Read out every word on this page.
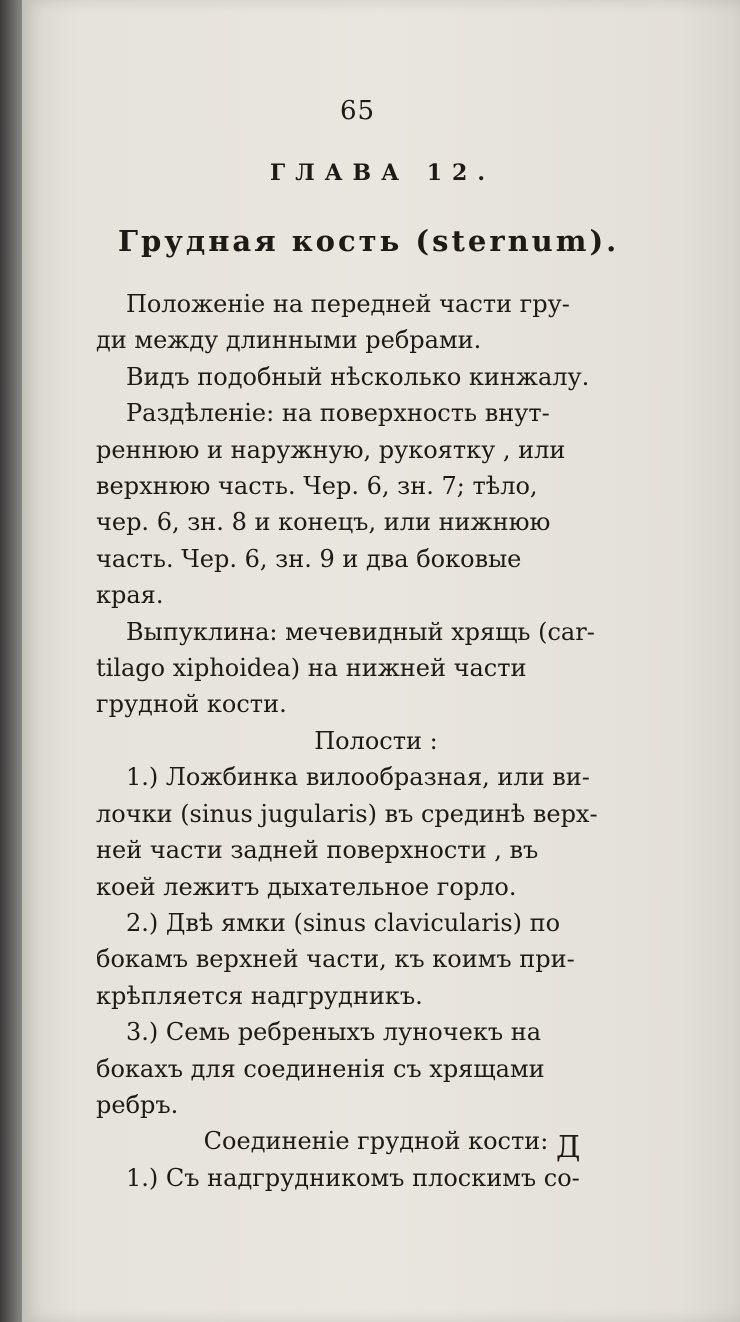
65
ГЛАВА 12.
Грудная кость (sternum).
Положеніе на передней части гру-
ди между длинными ребрами.
Видъ подобный нѣсколько кинжалу.
Раздѣленіе: на поверхность внут-
реннюю и наружную, рукоятку , или
верхнюю часть. Чер. 6, зн. 7; тѣло,
чер. 6, зн. 8 и конецъ, или нижнюю
часть. Чер. 6, зн. 9 и два боковые
края.
Выпуклина: мечевидный хрящь (car-
tilago xiphoidea) на нижней части
грудной кости.
Полости :
1.) Ложбинка вилообразная, или ви-
лочки (sinus jugularis) въ срединѣ верх-
ней части задней поверхности , въ
коей лежитъ дыхательное горло.
2.) Двѣ ямки (sinus clavicularis) по
бокамъ верхней части, къ коимъ при-
крѣпляется надгрудникъ.
3.) Семь ребреныхъ луночекъ на
бокахъ для соединенія съ хрящами
ребръ.
Соединеніе грудной кости:
1.) Съ надгрудникомъ плоскимъ со-
Д
